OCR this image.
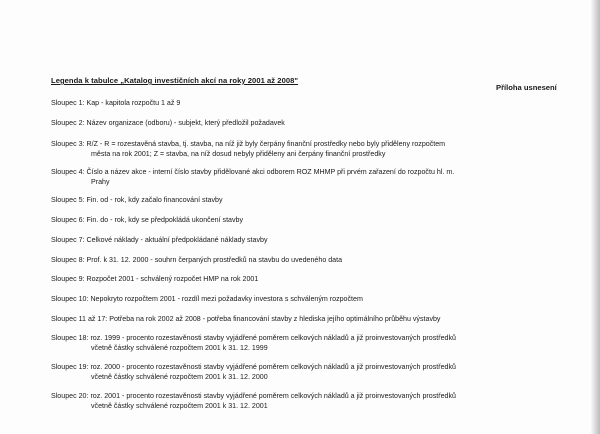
Legenda k tabulce „Katalog investičních akcí na roky 2001 až 2008"
Příloha usnesení
Sloupec 1: Kap - kapitola rozpočtu 1 až 9
Sloupec 2: Název organizace (odboru) - subjekt, který předložil požadavek
Sloupec 3: R/Z - R = rozestavěná stavba, tj. stavba, na níž již byly čerpány finanční prostředky nebo byly přiděleny rozpočtem
města na rok 2001; Z = stavba, na níž dosud nebyly přiděleny ani čerpány finanční prostředky
Sloupec 4: Číslo a název akce - interní číslo stavby přidělované akci odborem ROZ MHMP při prvém zařazení do rozpočtu hl. m.
Prahy
Sloupec 5: Fin. od - rok, kdy začalo financování stavby
Sloupec 6: Fin. do - rok, kdy se předpokládá ukončení stavby
Sloupec 7: Celkové náklady - aktuální předpokládané náklady stavby
Sloupec 8: Prof. k 31. 12. 2000 - souhrn čerpaných prostředků na stavbu do uvedeného data
Sloupec 9: Rozpočet 2001 - schválený rozpočet HMP na rok 2001
Sloupec 10: Nepokryto rozpočtem 2001 - rozdíl mezi požadavky investora s schváleným rozpočtem
Sloupec 11 až 17: Potřeba na rok 2002 až 2008 - potřeba financování stavby z hlediska jejího optimálního průběhu výstavby
Sloupec 18: roz. 1999 - procento rozestavěnosti stavby vyjádřené poměrem celkových nákladů a již proinvestovaných prostředků
včetně částky schválené rozpočtem 2001 k 31. 12. 1999
Sloupec 19: roz. 2000 - procento rozestavěnosti stavby vyjádřené poměrem celkových nákladů a již proinvestovaných prostředků
včetně částky schválené rozpočtem 2001 k 31. 12. 2000
Sloupec 20: roz. 2001 - procento rozestavěnosti stavby vyjádřené poměrem celkových nákladů a již proinvestovaných prostředků
včetně částky schválené rozpočtem 2001 k 31. 12. 2001
